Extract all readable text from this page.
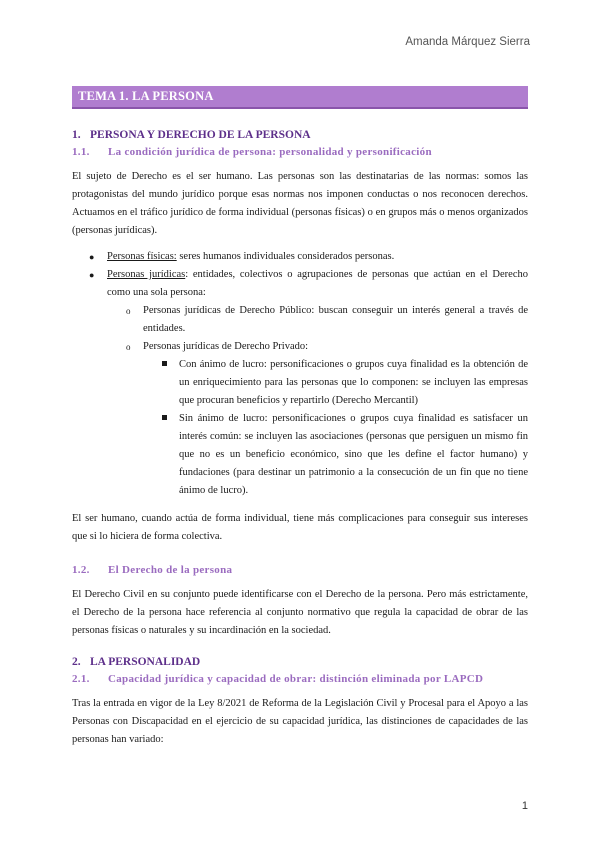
Amanda Márquez Sierra
TEMA 1. LA PERSONA
1. PERSONA Y DERECHO DE LA PERSONA
1.1. La condición jurídica de persona: personalidad y personificación

El sujeto de Derecho es el ser humano. Las personas son las destinatarias de las normas: somos las protagonistas del mundo jurídico porque esas normas nos imponen conductas o nos reconocen derechos. Actuamos en el tráfico jurídico de forma individual (personas físicas) o en grupos más o menos organizados (personas jurídicas).

● Personas físicas: seres humanos individuales considerados personas.
● Personas jurídicas: entidades, colectivos o agrupaciones de personas que actúan en el Derecho como una sola persona:
o Personas jurídicas de Derecho Público: buscan conseguir un interés general a través de entidades.
o Personas jurídicas de Derecho Privado:
Con ánimo de lucro: personificaciones o grupos cuya finalidad es la obtención de un enriquecimiento para las personas que lo componen: se incluyen las empresas que procuran beneficios y repartirlo (Derecho Mercantil)
Sin ánimo de lucro: personificaciones o grupos cuya finalidad es satisfacer un interés común: se incluyen las asociaciones (personas que persiguen un mismo fin que no es un beneficio económico, sino que les define el factor humano) y fundaciones (para destinar un patrimonio a la consecución de un fin que no tiene ánimo de lucro).

El ser humano, cuando actúa de forma individual, tiene más complicaciones para conseguir sus intereses que si lo hiciera de forma colectiva.

1.2. El Derecho de la persona

El Derecho Civil en su conjunto puede identificarse con el Derecho de la persona. Pero más estrictamente, el Derecho de la persona hace referencia al conjunto normativo que regula la capacidad de obrar de las personas físicas o naturales y su incardinación en la sociedad.

2. LA PERSONALIDAD
2.1. Capacidad jurídica y capacidad de obrar: distinción eliminada por LAPCD

Tras la entrada en vigor de la Ley 8/2021 de Reforma de la Legislación Civil y Procesal para el Apoyo a las Personas con Discapacidad en el ejercicio de su capacidad jurídica, las distinciones de capacidades de las personas han variado:

1
